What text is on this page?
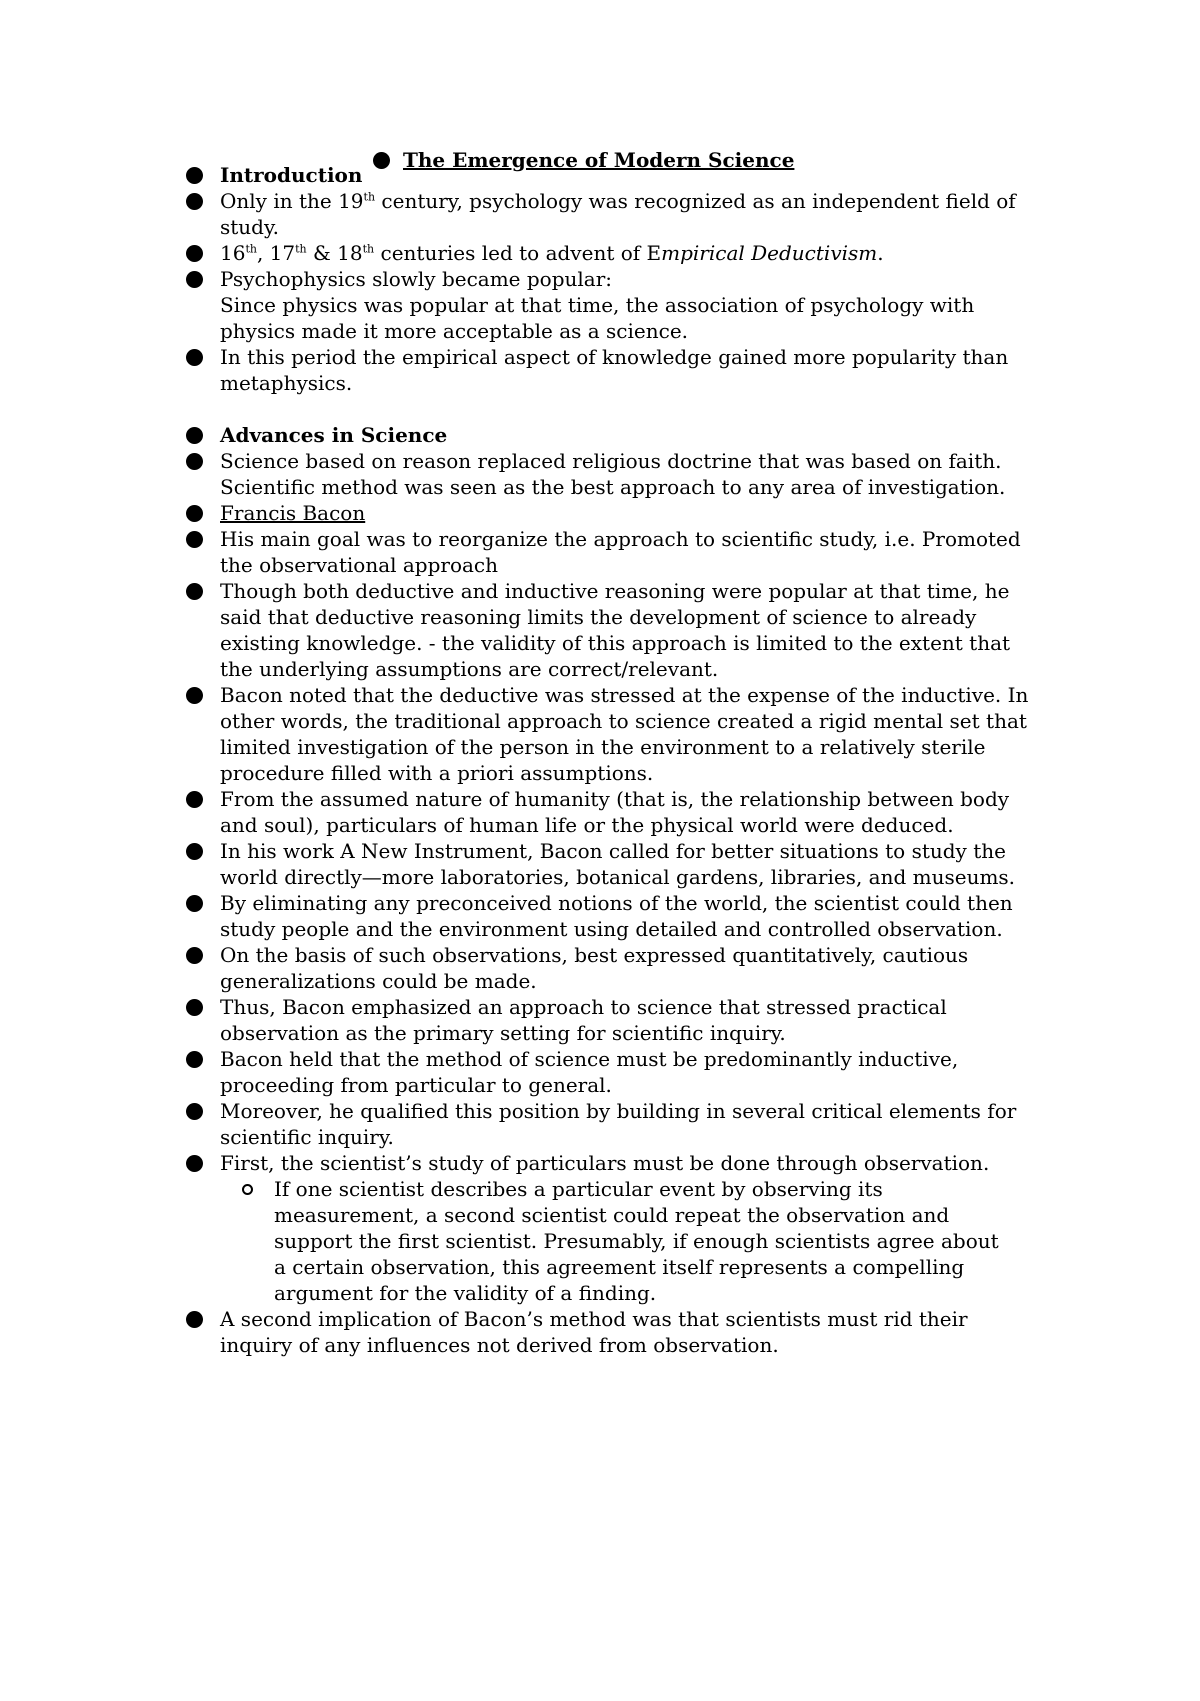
The Emergence of Modern Science
Introduction
Only in the 19th century, psychology was recognized as an independent field of study.
16th, 17th & 18th centuries led to advent of Empirical Deductivism.
Psychophysics slowly became popular:
Since physics was popular at that time, the association of psychology with physics made it more acceptable as a science.
In this period the empirical aspect of knowledge gained more popularity than metaphysics.
Advances in Science
Science based on reason replaced religious doctrine that was based on faith. Scientific method was seen as the best approach to any area of investigation.
Francis Bacon
His main goal was to reorganize the approach to scientific study, i.e. Promoted the observational approach
Though both deductive and inductive reasoning were popular at that time, he said that deductive reasoning limits the development of science to already existing knowledge. - the validity of this approach is limited to the extent that the underlying assumptions are correct/relevant.
Bacon noted that the deductive was stressed at the expense of the inductive. In other words, the traditional approach to science created a rigid mental set that limited investigation of the person in the environment to a relatively sterile procedure filled with a priori assumptions.
From the assumed nature of humanity (that is, the relationship between body and soul), particulars of human life or the physical world were deduced.
In his work A New Instrument, Bacon called for better situations to study the world directly—more laboratories, botanical gardens, libraries, and museums.
By eliminating any preconceived notions of the world, the scientist could then study people and the environment using detailed and controlled observation.
On the basis of such observations, best expressed quantitatively, cautious generalizations could be made.
Thus, Bacon emphasized an approach to science that stressed practical observation as the primary setting for scientific inquiry.
Bacon held that the method of science must be predominantly inductive, proceeding from particular to general.
Moreover, he qualified this position by building in several critical elements for scientific inquiry.
First, the scientist’s study of particulars must be done through observation.
If one scientist describes a particular event by observing its measurement, a second scientist could repeat the observation and support the first scientist. Presumably, if enough scientists agree about a certain observation, this agreement itself represents a compelling argument for the validity of a finding.
A second implication of Bacon’s method was that scientists must rid their inquiry of any influences not derived from observation.
